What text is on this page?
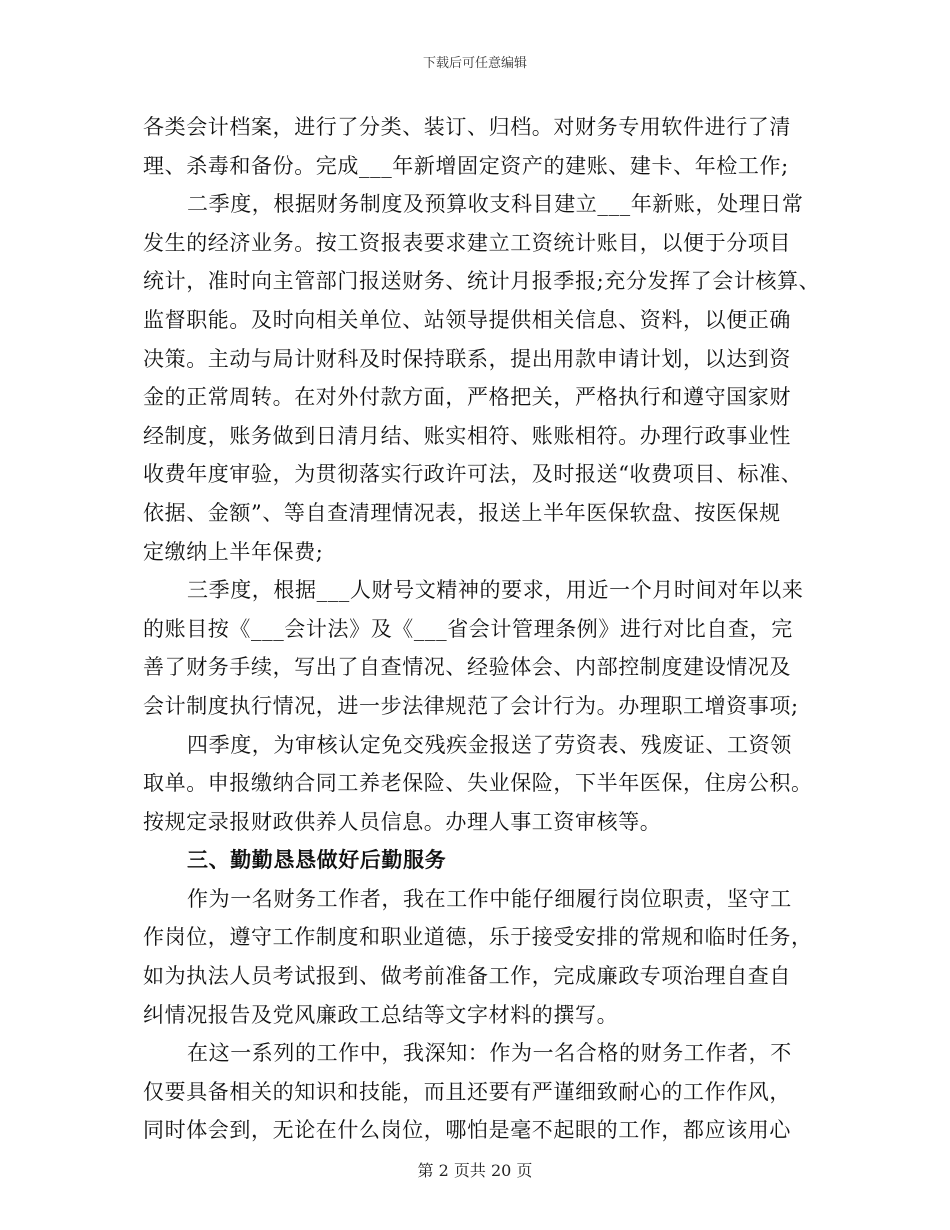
下载后可任意编辑
各类会计档案，进行了分类、装订、归档。对财务专用软件进行了清
理、杀毒和备份。完成___年新增固定资产的建账、建卡、年检工作;
二季度，根据财务制度及预算收支科目建立___年新账，处理日常
发生的经济业务。按工资报表要求建立工资统计账目，以便于分项目
统计，准时向主管部门报送财务、统计月报季报;充分发挥了会计核算、
监督职能。及时向相关单位、站领导提供相关信息、资料，以便正确
决策。主动与局计财科及时保持联系，提出用款申请计划，以达到资
金的正常周转。在对外付款方面，严格把关，严格执行和遵守国家财
经制度，账务做到日清月结、账实相符、账账相符。办理行政事业性
收费年度审验，为贯彻落实行政许可法，及时报送“收费项目、标准、
依据、金额”、等自查清理情况表，报送上半年医保软盘、按医保规
定缴纳上半年保费;
三季度，根据___人财号文精神的要求，用近一个月时间对年以来
的账目按《___会计法》及《___省会计管理条例》进行对比自查，完
善了财务手续，写出了自查情况、经验体会、内部控制度建设情况及
会计制度执行情况，进一步法律规范了会计行为。办理职工增资事项;
四季度，为审核认定免交残疾金报送了劳资表、残废证、工资领
取单。申报缴纳合同工养老保险、失业保险，下半年医保，住房公积。
按规定录报财政供养人员信息。办理人事工资审核等。
三、勤勤恳恳做好后勤服务
作为一名财务工作者，我在工作中能仔细履行岗位职责，坚守工
作岗位，遵守工作制度和职业道德，乐于接受安排的常规和临时任务，
如为执法人员考试报到、做考前准备工作，完成廉政专项治理自查自
纠情况报告及党风廉政工总结等文字材料的撰写。
在这一系列的工作中，我深知：作为一名合格的财务工作者，不
仅要具备相关的知识和技能，而且还要有严谨细致耐心的工作作风，
同时体会到，无论在什么岗位，哪怕是毫不起眼的工作，都应该用心
第 2 页共 20 页
